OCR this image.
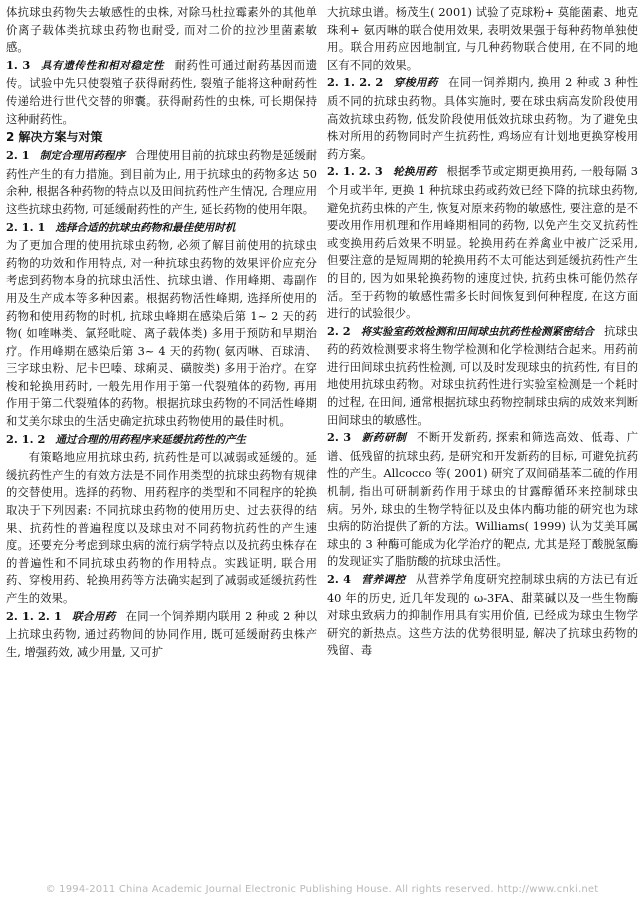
体抗球虫药物失去敏感性的虫株, 对除马杜拉霉素外的其他单价离子载体类抗球虫药物也耐受, 而对二价的拉沙里菌素敏感。

1. 3 具有遗传性和相对稳定性 耐药性可通过耐药基因而遗传。试验中先只使裂殖子获得耐药性, 裂殖子能将这种耐药性传递给进行世代交替的卵囊。获得耐药性的虫株, 可长期保持这种耐药性。

2 解决方案与对策

2. 1 制定合理用药程序 合理使用目前的抗球虫药物是延缓耐药性产生的有力措施。到目前为止, 用于抗球虫的药物多达 50 余种, 根据各种药物的特点以及田间抗药性产生情况, 合理应用这些抗球虫药物, 可延缓耐药性的产生, 延长药物的使用年限。

2. 1. 1 选择合适的抗球虫药物和最佳使用时机

为了更加合理的使用抗球虫药物, 必须了解目前使用的抗球虫药物的功效和作用特点, 对一种抗球虫药物的效果评价应充分考虑到药物本身的抗球虫活性、抗球虫谱、作用峰期、毒副作用及生产成本等多种因素。根据药物活性峰期, 选择所使用的药物和使用药物的时机, 抗球虫峰期在感染后第 1~ 2 天的药物( 如喹啉类、氯羟吡啶、离子载体类) 多用于预防和早期治疗。作用峰期在感染后第 3~ 4 天的药物( 氨丙啉、百球清、三字球虫粉、尼卡巴嗪、球痢灵、磺胺类) 多用于治疗。在穿梭和轮换用药时, 一般先用作用于第一代裂殖体的药物, 再用作用于第二代裂殖体的药物。根据抗球虫药物的不同活性峰期和艾美尔球虫的生活史确定抗球虫药物使用的最佳时机。

2. 1. 2 通过合理的用药程序来延缓抗药性的产生

有策略地应用抗球虫药, 抗药性是可以减弱或延缓的。延缓抗药性产生的有效方法是不同作用类型的抗球虫药物有规律的交替使用。选择的药物、用药程序的类型和不同程序的轮换取决于下列因素: 不同抗球虫药物的使用历史、过去获得的结果、抗药性的普遍程度以及球虫对不同药物抗药性的产生速度。还要充分考虑到球虫病的流行病学特点以及抗药虫株存在的普遍性和不同抗球虫药物的作用特点。实践证明, 联合用药、穿梭用药、轮换用药等方法确实起到了减弱或延缓抗药性产生的效果。

2. 1. 2. 1 联合用药 在同一个饲养期内联用 2 种或 2 种以上抗球虫药物, 通过药物间的协同作用, 既可延缓耐药虫株产生, 增强药效, 减少用量, 又可扩

大抗球虫谱。杨茂生( 2001) 试验了克球粉+ 莫能菌素、地克珠利+ 氨丙啉的联合使用效果, 表明效果强于每种药物单独使用。联合用药应因地制宜, 与几种药物联合使用, 在不同的地区有不同的效果。

2. 1. 2. 2 穿梭用药 在同一饲养期内, 换用 2 种或 3 种性质不同的抗球虫药物。具体实施时, 要在球虫病高发阶段使用高效抗球虫药物, 低发阶段使用低效抗球虫药物。为了避免虫株对所用的药物同时产生抗药性, 鸡场应有计划地更换穿梭用药方案。

2. 1. 2. 3 轮换用药 根据季节或定期更换用药, 一般每隔 3 个月或半年, 更换 1 种抗球虫药或药效已经下降的抗球虫药物, 避免抗药虫株的产生, 恢复对原来药物的敏感性, 要注意的是不要改用作用机理和作用峰期相同的药物, 以免产生交叉抗药性或变换用药后效果不明显。轮换用药在养禽业中被广泛采用, 但要注意的是短周期的轮换用药不太可能达到延缓抗药性产生的目的, 因为如果轮换药物的速度过快, 抗药虫株可能仍然存活。至于药物的敏感性需多长时间恢复到何种程度, 在这方面进行的试验很少。

2. 2 将实验室药效检测和田间球虫抗药性检测紧密结合 抗球虫药的药效检测要求将生物学检测和化学检测结合起来。用药前进行田间球虫抗药性检测, 可以及时发现球虫的抗药性, 有目的地使用抗球虫药物。对球虫抗药性进行实验室检测是一个耗时的过程, 在田间, 通常根据抗球虫药物控制球虫病的成效来判断田间球虫的敏感性。

2. 3 新药研制 不断开发新药, 探索和筛选高效、低毒、广谱、低残留的抗球虫药, 是研究和开发新药的目标, 可避免抗药性的产生。Allcocco 等( 2001) 研究了双间硝基苯二硫的作用机制, 指出可研制新药作用于球虫的甘露醇循环来控制球虫病。另外, 球虫的生物学特征以及虫体内酶功能的研究也为球虫病的防治提供了新的方法。Williams( 1999) 认为艾美耳属球虫的 3 种酶可能成为化学治疗的靶点, 尤其是羟丁酸脱氢酶的发现证实了脂肪酸的抗球虫活性。

2. 4 营养调控 从营养学角度研究控制球虫病的方法已有近 40 年的历史, 近几年发现的 ω-3FA、甜菜碱以及一些生物酶对球虫致病力的抑制作用具有实用价值, 已经成为球虫生物学研究的新热点。这些方法的优势很明显, 解决了抗球虫药物的残留、毒

© 1994-2011 China Academic Journal Electronic Publishing House. All rights reserved. http://www.cnki.net
